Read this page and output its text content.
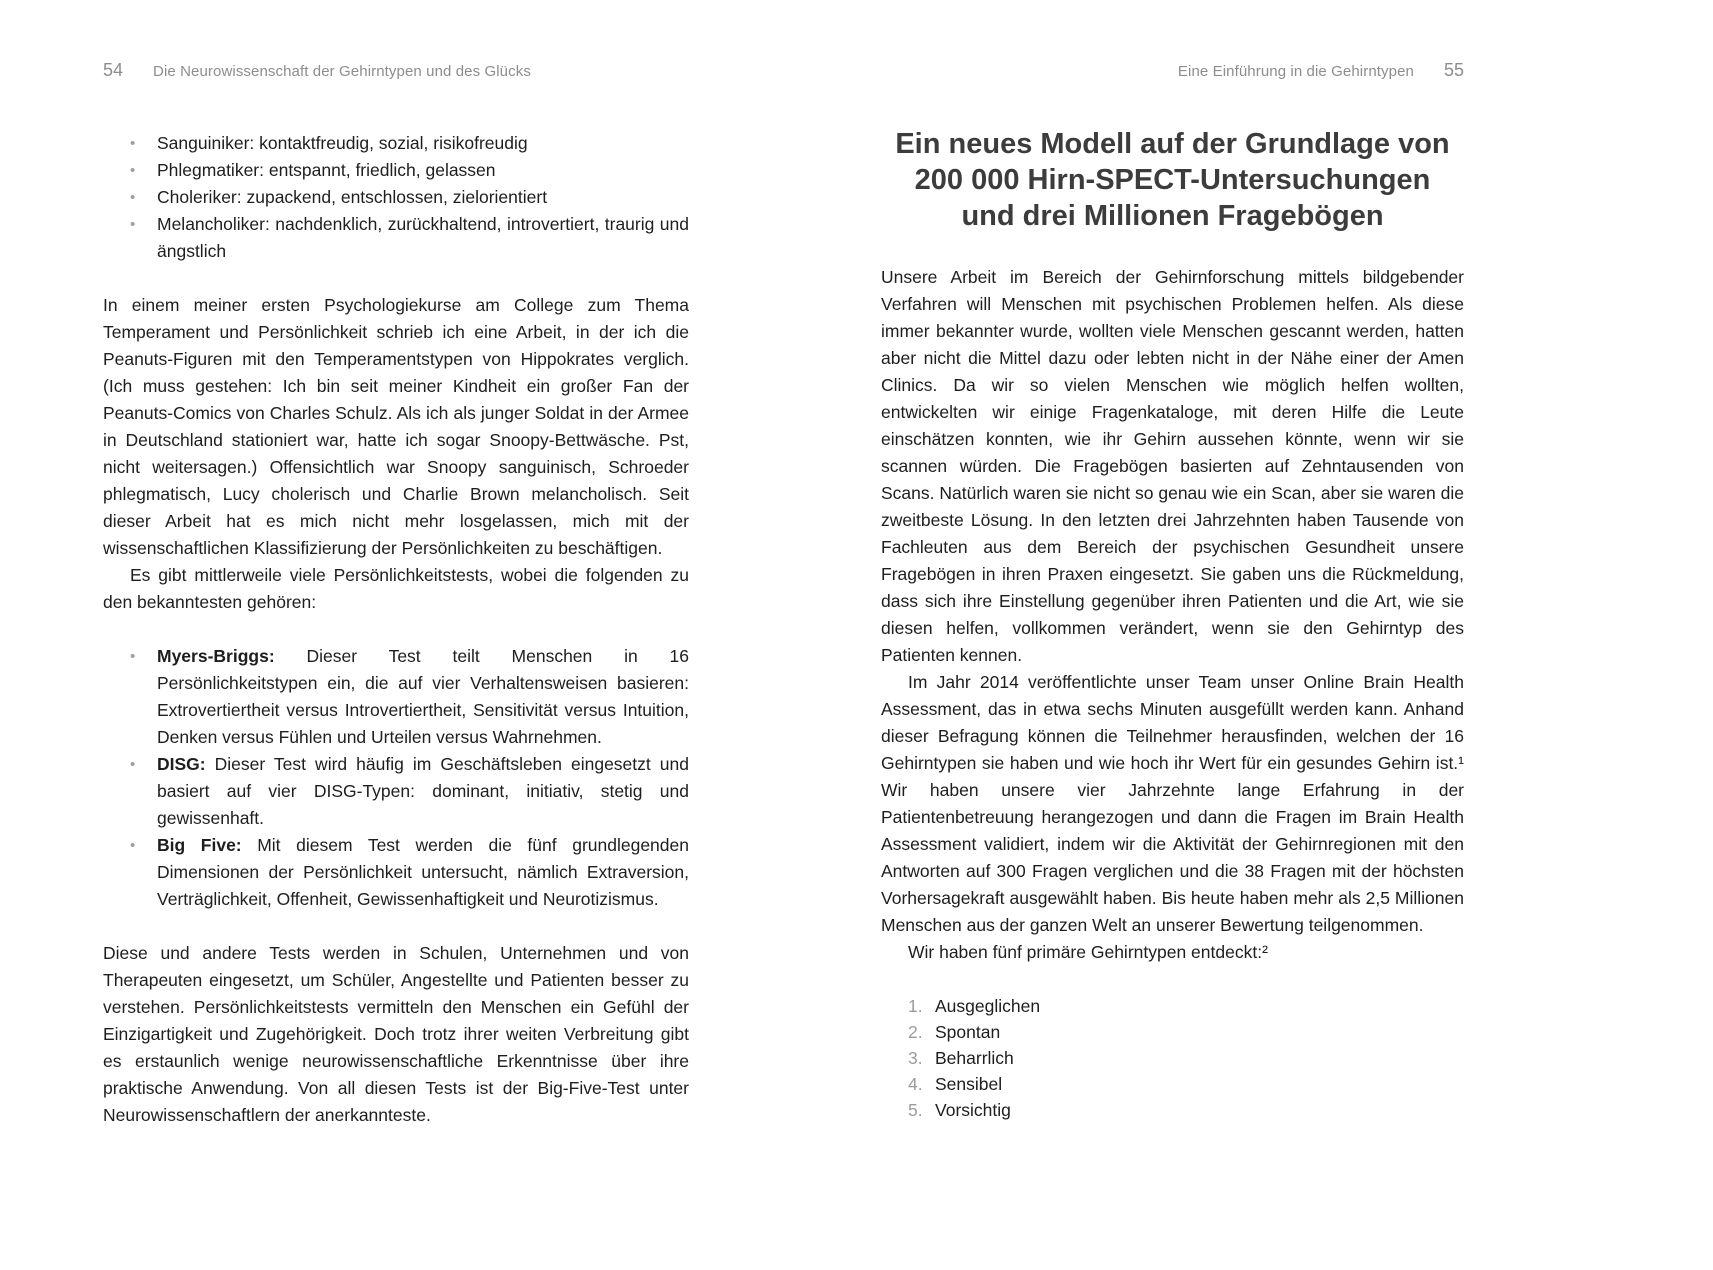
54 Die Neurowissenschaft der Gehirntypen und des Glücks	Eine Einführung in die Gehirntypen 55
•	Sanguiniker: kontaktfreudig, sozial, risikofreudig
•	Phlegmatiker: entspannt, friedlich, gelassen
•	Choleriker: zupackend, entschlossen, zielorientiert
•	Melancholiker: nachdenklich, zurückhaltend, introvertiert, traurig und ängstlich

In einem meiner ersten Psychologiekurse am College zum Thema Temperament und Persönlichkeit schrieb ich eine Arbeit, in der ich die Peanuts-Figuren mit den Temperamentstypen von Hippokrates verglich. (Ich muss gestehen: Ich bin seit meiner Kindheit ein großer Fan der Peanuts-Comics von Charles Schulz. Als ich als junger Soldat in der Armee in Deutschland stationiert war, hatte ich sogar Snoopy-Bettwäsche. Pst, nicht weitersagen.) Offensichtlich war Snoopy sanguinisch, Schroeder phlegmatisch, Lucy cholerisch und Charlie Brown melancholisch. Seit dieser Arbeit hat es mich nicht mehr losgelassen, mich mit der wissenschaftlichen Klassifizierung der Persönlichkeiten zu beschäftigen.

Es gibt mittlerweile viele Persönlichkeitstests, wobei die folgenden zu den bekanntesten gehören:

•	Myers-Briggs: Dieser Test teilt Menschen in 16 Persönlichkeitstypen ein, die auf vier Verhaltensweisen basieren: Extrovertiertheit versus Introvertiertheit, Sensitivität versus Intuition, Denken versus Fühlen und Urteilen versus Wahrnehmen.
•	DISG: Dieser Test wird häufig im Geschäftsleben eingesetzt und basiert auf vier DISG-Typen: dominant, initiativ, stetig und gewissenhaft.
•	Big Five: Mit diesem Test werden die fünf grundlegenden Dimensionen der Persönlichkeit untersucht, nämlich Extraversion, Verträglichkeit, Offenheit, Gewissenhaftigkeit und Neurotizismus.

Diese und andere Tests werden in Schulen, Unternehmen und von Therapeuten eingesetzt, um Schüler, Angestellte und Patienten besser zu verstehen. Persönlichkeitstests vermitteln den Menschen ein Gefühl der Einzigartigkeit und Zugehörigkeit. Doch trotz ihrer weiten Verbreitung gibt es erstaunlich wenige neurowissenschaftliche Erkenntnisse über ihre praktische Anwendung. Von all diesen Tests ist der Big-Five-Test unter Neurowissenschaftlern der anerkannteste.

Ein neues Modell auf der Grundlage von
200 000 Hirn-SPECT-Untersuchungen
und drei Millionen Fragebögen

Unsere Arbeit im Bereich der Gehirnforschung mittels bildgebender Verfahren will Menschen mit psychischen Problemen helfen. Als diese immer bekannter wurde, wollten viele Menschen gescannt werden, hatten aber nicht die Mittel dazu oder lebten nicht in der Nähe einer der Amen Clinics. Da wir so vielen Menschen wie möglich helfen wollten, entwickelten wir einige Fragenkataloge, mit deren Hilfe die Leute einschätzen konnten, wie ihr Gehirn aussehen könnte, wenn wir sie scannen würden. Die Fragebögen basierten auf Zehntausenden von Scans. Natürlich waren sie nicht so genau wie ein Scan, aber sie waren die zweitbeste Lösung. In den letzten drei Jahrzehnten haben Tausende von Fachleuten aus dem Bereich der psychischen Gesundheit unsere Fragebögen in ihren Praxen eingesetzt. Sie gaben uns die Rückmeldung, dass sich ihre Einstellung gegenüber ihren Patienten und die Art, wie sie diesen helfen, vollkommen verändert, wenn sie den Gehirntyp des Patienten kennen.

Im Jahr 2014 veröffentlichte unser Team unser Online Brain Health Assessment, das in etwa sechs Minuten ausgefüllt werden kann. Anhand dieser Befragung können die Teilnehmer herausfinden, welchen der 16 Gehirntypen sie haben und wie hoch ihr Wert für ein gesundes Gehirn ist.¹ Wir haben unsere vier Jahrzehnte lange Erfahrung in der Patientenbetreuung herangezogen und dann die Fragen im Brain Health Assessment validiert, indem wir die Aktivität der Gehirnregionen mit den Antworten auf 300 Fragen verglichen und die 38 Fragen mit der höchsten Vorhersagekraft ausgewählt haben. Bis heute haben mehr als 2,5 Millionen Menschen aus der ganzen Welt an unserer Bewertung teilgenommen.

Wir haben fünf primäre Gehirntypen entdeckt:²

1. Ausgeglichen
2. Spontan
3. Beharrlich
4. Sensibel
5. Vorsichtig
